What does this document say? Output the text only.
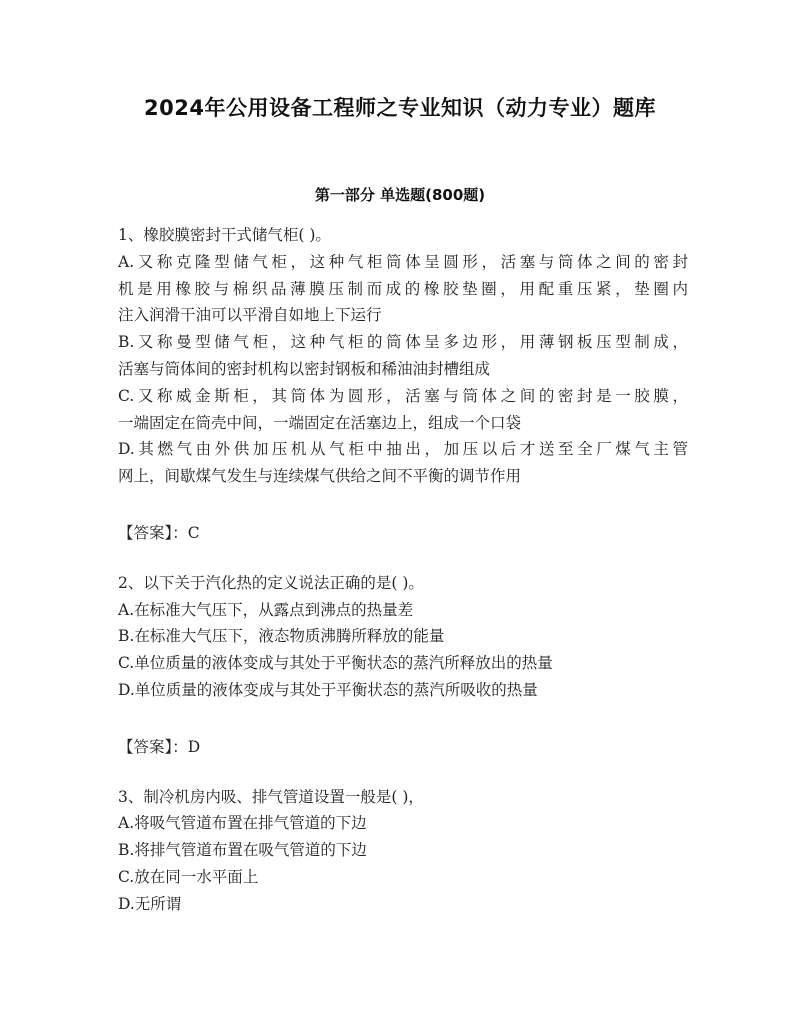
2024年公用设备工程师之专业知识（动力专业）题库
第一部分 单选题(800题)
1、橡胶膜密封干式储气柜( )。
A.又称克隆型储气柜，这种气柜筒体呈圆形，活塞与筒体之间的密封
机是用橡胶与棉织品薄膜压制而成的橡胶垫圈，用配重压紧，垫圈内
注入润滑干油可以平滑自如地上下运行
B.又称曼型储气柜，这种气柜的筒体呈多边形，用薄钢板压型制成，
活塞与筒体间的密封机构以密封钢板和稀油油封槽组成
C.又称威金斯柜，其筒体为圆形，活塞与筒体之间的密封是一胶膜，
一端固定在筒壳中间，一端固定在活塞边上，组成一个口袋
D.其燃气由外供加压机从气柜中抽出，加压以后才送至全厂煤气主管
网上，间歇煤气发生与连续煤气供给之间不平衡的调节作用
【答案】：C
2、以下关于汽化热的定义说法正确的是( )。
A.在标准大气压下，从露点到沸点的热量差
B.在标准大气压下，液态物质沸腾所释放的能量
C.单位质量的液体变成与其处于平衡状态的蒸汽所释放出的热量
D.单位质量的液体变成与其处于平衡状态的蒸汽所吸收的热量
【答案】：D
3、制冷机房内吸、排气管道设置一般是( )，
A.将吸气管道布置在排气管道的下边
B.将排气管道布置在吸气管道的下边
C.放在同一水平面上
D.无所谓
